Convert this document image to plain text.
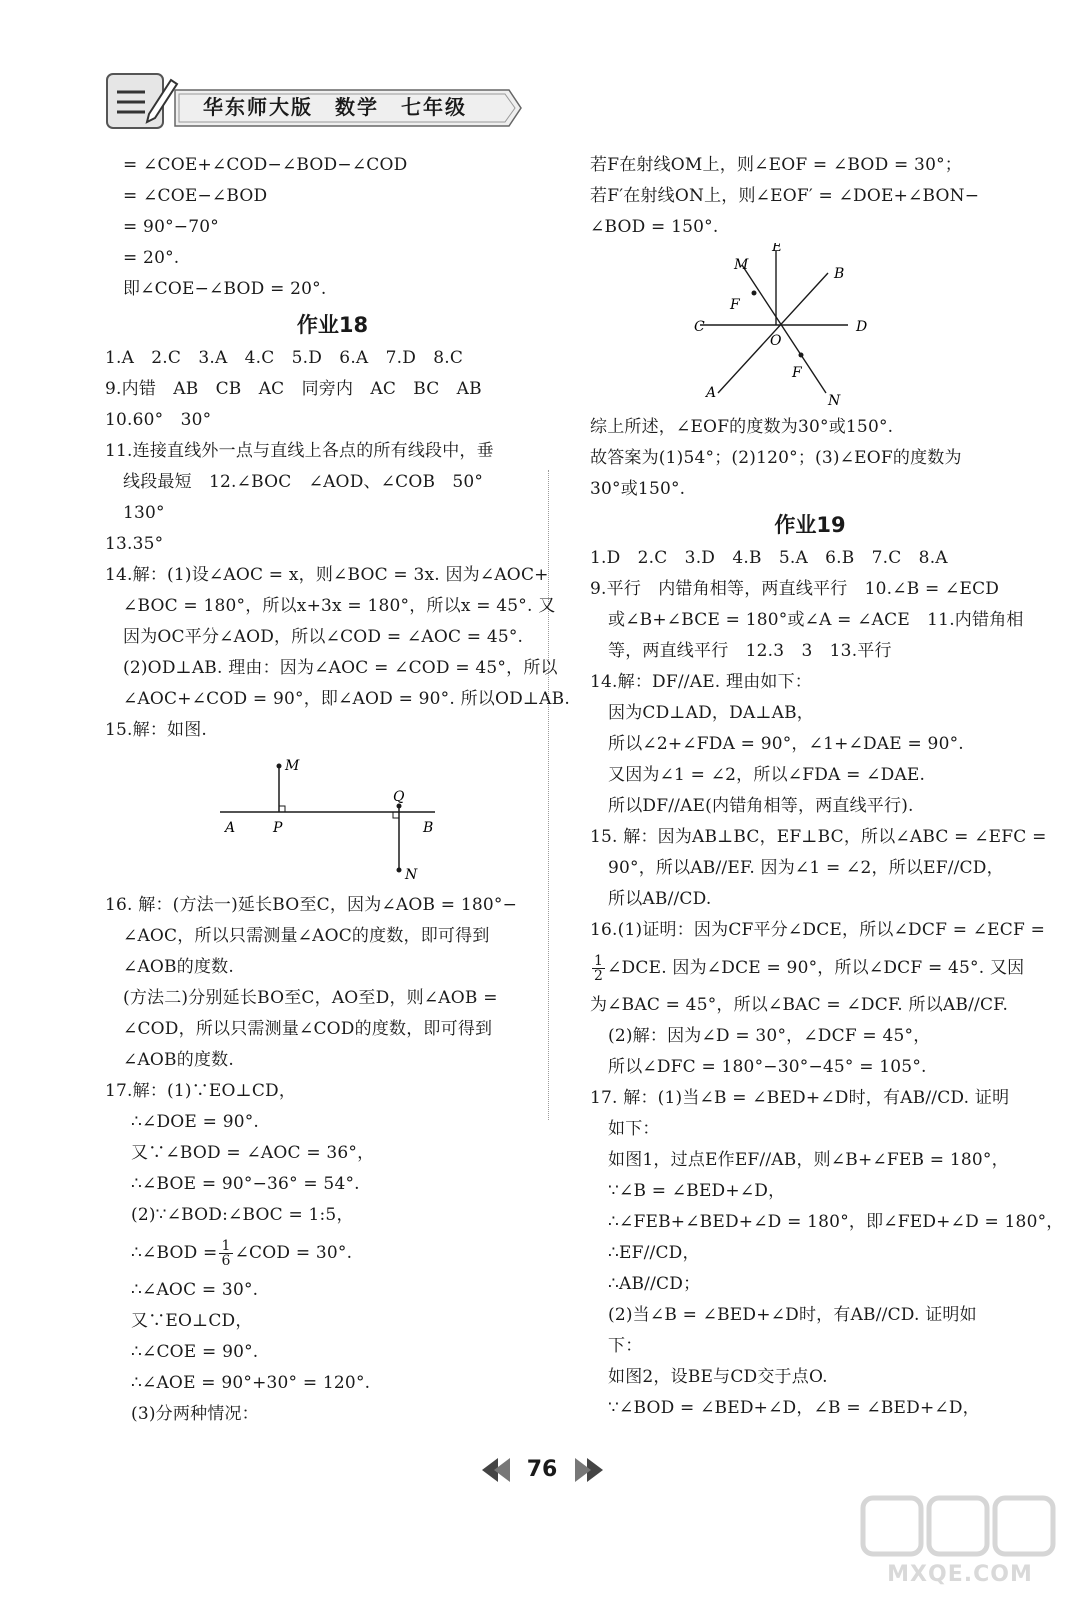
华东师大版　数学　七年级
= ∠COE+∠COD−∠BOD−∠COD
= ∠COE−∠BOD
= 90°−70°
= 20°.
即∠COE−∠BOD = 20°.
作业18
1.A　2.C　3.A　4.C　5.D　6.A　7.D　8.C
9.内错　AB　CB　AC　同旁内　AC　BC　AB
10.60°　30°
11.连接直线外一点与直线上各点的所有线段中，垂
线段最短　12.∠BOC　∠AOD、∠COB　50°
130°
13.35°
14.解：(1)设∠AOC = x，则∠BOC = 3x. 因为∠AOC+
∠BOC = 180°，所以x+3x = 180°，所以x = 45°. 又
因为OC平分∠AOD，所以∠COD = ∠AOC = 45°.
(2)OD⊥AB. 理由：因为∠AOC = ∠COD = 45°，所以
∠AOC+∠COD = 90°，即∠AOD = 90°. 所以OD⊥AB.
15.解：如图.
M
Q
A	P	B
N
16. 解：(方法一)延长BO至C，因为∠AOB = 180°−
∠AOC，所以只需测量∠AOC的度数，即可得到
∠AOB的度数.
(方法二)分别延长BO至C，AO至D，则∠AOB =
∠COD，所以只需测量∠COD的度数，即可得到
∠AOB的度数.
17.解：(1)∵EO⊥CD，
∴∠DOE = 90°.
又∵∠BOD = ∠AOC = 36°，
∴∠BOE = 90°−36° = 54°.
(2)∵∠BOD:∠BOC = 1:5，
∴∠BOD = $\frac{1}{6}$ ∠COD = 30°.
∴∠AOC = 30°.
又∵EO⊥CD，
∴∠COE = 90°.
∴∠AOE = 90°+30° = 120°.
(3)分两种情况：
若F在射线OM上，则∠EOF = ∠BOD = 30°；
若F′在射线ON上，则∠EOF′ = ∠DOE+∠BON−
∠BOD = 150°.
E
M
B
F
C	D
O
F
A	N
综上所述，∠EOF的度数为30°或150°.
故答案为(1)54°；(2)120°；(3)∠EOF的度数为
30°或150°.
作业19
1.D　2.C　3.D　4.B　5.A　6.B　7.C　8.A
9.平行　内错角相等，两直线平行　10.∠B = ∠ECD
或∠B+∠BCE = 180°或∠A = ∠ACE　11.内错角相
等，两直线平行　12.3　3　13.平行
14.解：DF//AE. 理由如下：
因为CD⊥AD，DA⊥AB，
所以∠2+∠FDA = 90°，∠1+∠DAE = 90°.
又因为∠1 = ∠2，所以∠FDA = ∠DAE.
所以DF//AE(内错角相等，两直线平行).
15. 解：因为AB⊥BC，EF⊥BC，所以∠ABC = ∠EFC =
90°，所以AB//EF. 因为∠1 = ∠2，所以EF//CD，
所以AB//CD.
16.(1)证明：因为CF平分∠DCE，所以∠DCF = ∠ECF =
$\frac{1}{2}$ ∠DCE. 因为∠DCE = 90°，所以∠DCF = 45°. 又因
为∠BAC = 45°，所以∠BAC = ∠DCF. 所以AB//CF.
(2)解：因为∠D = 30°，∠DCF = 45°，
所以∠DFC = 180°−30°−45° = 105°.
17. 解：(1)当∠B = ∠BED+∠D时，有AB//CD. 证明
如下：
如图1，过点E作EF//AB，则∠B+∠FEB = 180°，
∵∠B = ∠BED+∠D，
∴∠FEB+∠BED+∠D = 180°，即∠FED+∠D = 180°，
∴EF//CD，
∴AB//CD；
(2)当∠B = ∠BED+∠D时，有AB//CD. 证明如
下：
如图2，设BE与CD交于点O.
∵∠BOD = ∠BED+∠D，∠B = ∠BED+∠D，
76
MXQE.COM
